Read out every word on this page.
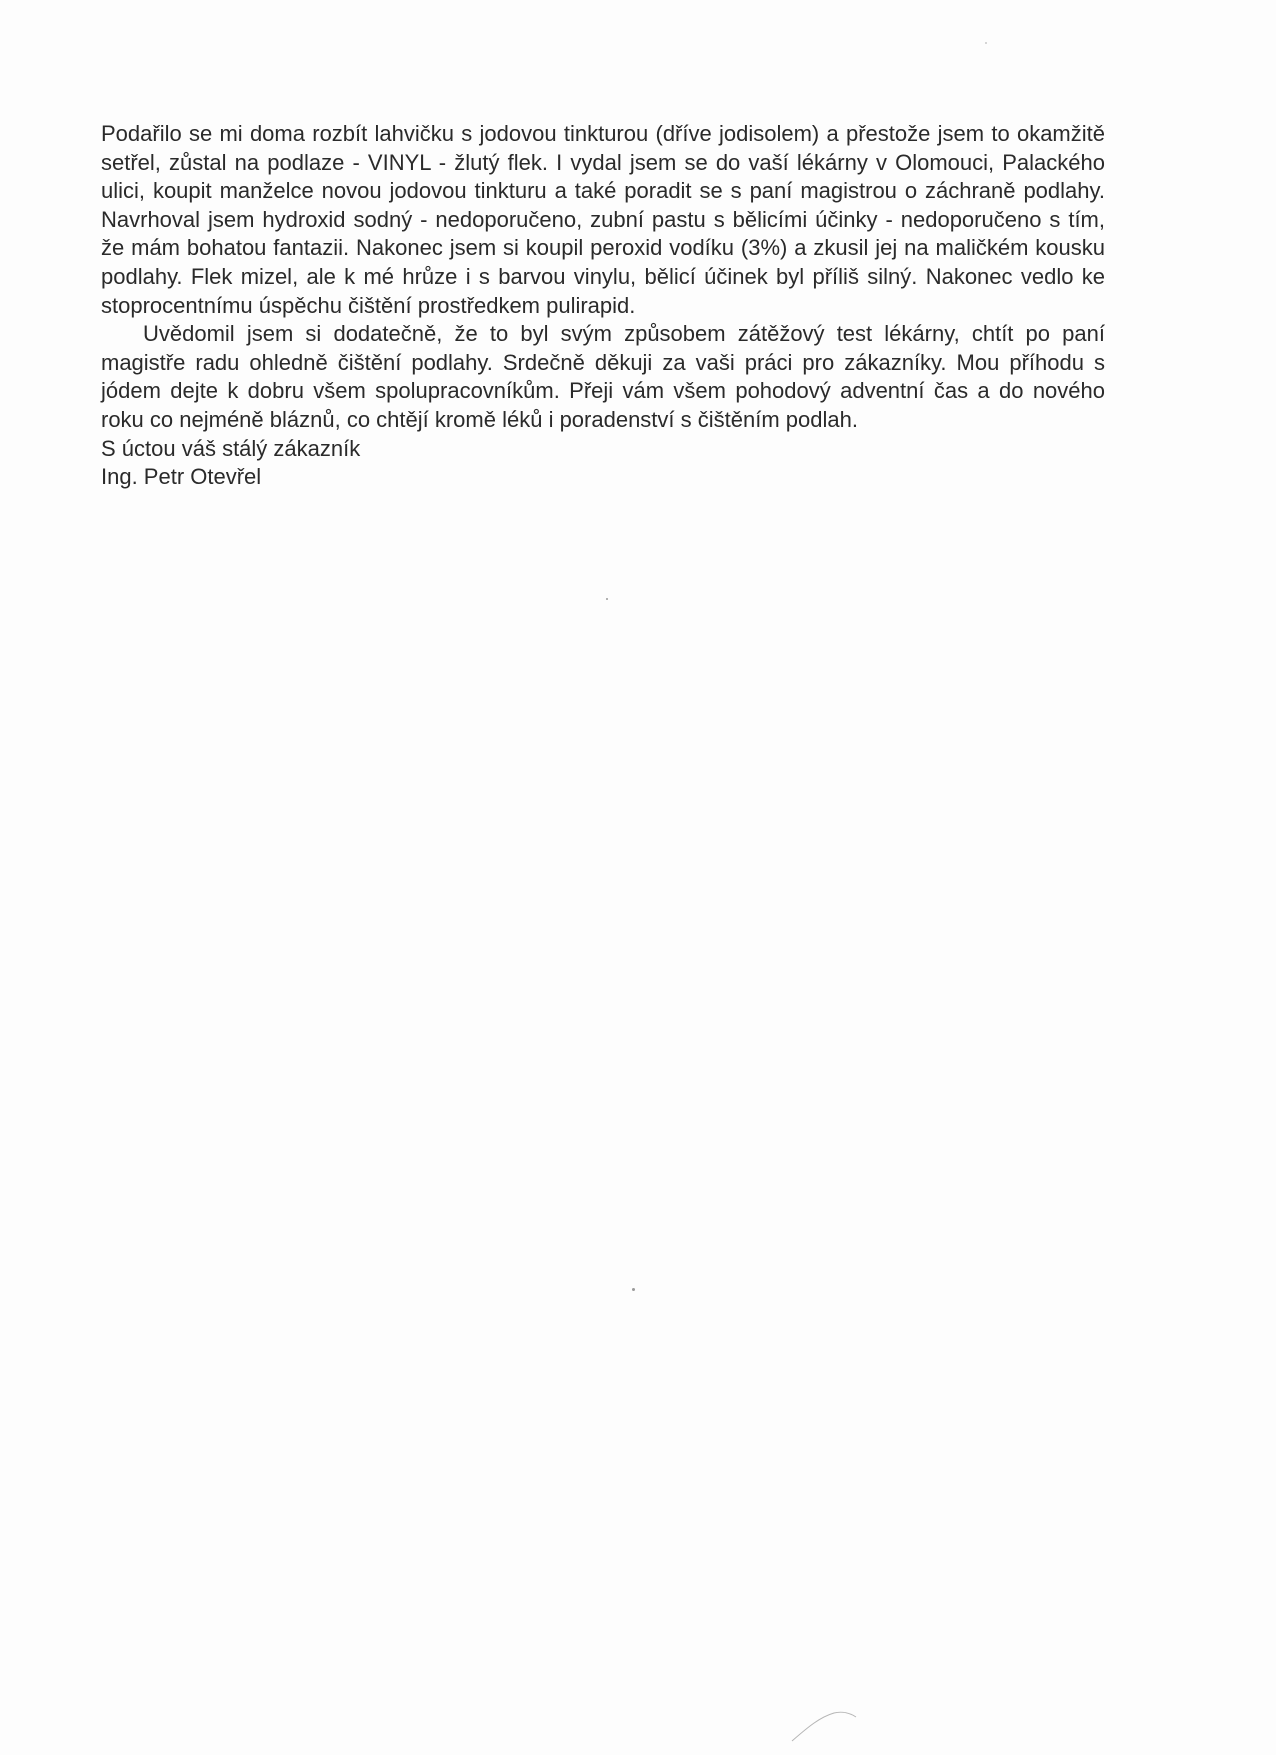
Podařilo se mi doma rozbít lahvičku s jodovou tinkturou (dříve jodisolem) a přestože jsem to okamžitě setřel, zůstal na podlaze - VINYL - žlutý flek. I vydal jsem se do vaší lékárny v Olomouci, Palackého ulici, koupit manželce novou jodovou tinkturu a také poradit se s paní magistrou o záchraně podlahy. Navrhoval jsem hydroxid sodný - nedoporučeno, zubní pastu s bělicími účinky - nedoporučeno s tím, že mám bohatou fantazii. Nakonec jsem si koupil peroxid vodíku (3%) a zkusil jej na maličkém kousku podlahy. Flek mizel, ale k mé hrůze i s barvou vinylu, bělicí účinek byl příliš silný. Nakonec vedlo ke stoprocentnímu úspěchu čištění prostředkem pulirapid.

Uvědomil jsem si dodatečně, že to byl svým způsobem zátěžový test lékárny, chtít po paní magistře radu ohledně čištění podlahy. Srdečně děkuji za vaši práci pro zákazníky. Mou příhodu s jódem dejte k dobru všem spolupracovníkům. Přeji vám všem pohodový adventní čas a do nového roku co nejméně bláznů, co chtějí kromě léků i poradenství s čištěním podlah.

S úctou váš stálý zákazník

Ing. Petr Otevřel
